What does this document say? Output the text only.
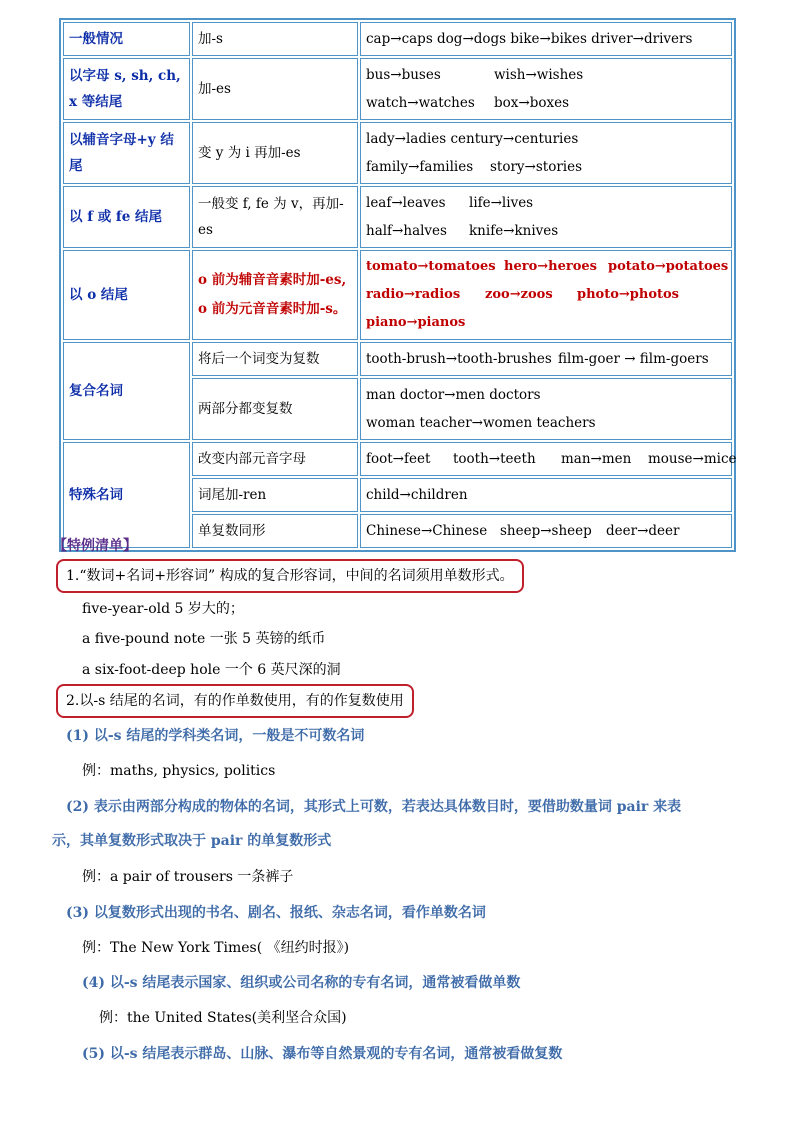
一般情况	加-s	cap→caps dog→dogs bike→bikes driver→drivers

以字母 s, sh, ch, x 等结尾	加-es	bus→buses wish→wishes
watch→watches box→boxes

以辅音字母+y 结尾	变 y 为 i 再加-es	lady→ladies century→centuries
family→families story→stories

以 f 或 fe 结尾	一般变 f, fe 为 v，再加-es	leaf→leaves life→lives
half→halves knife→knives

以 o 结尾	o 前为辅音音素时加-es, o 前为元音音素时加-s。	tomato→tomatoes hero→heroes potato→potatoes
radio→radios zoo→zoos photo→photos
piano→pianos

复合名词	将后一个词变为复数	tooth-brush→tooth-brushes film-goer → film-goers

	两部分都变复数	man doctor→men doctors
woman teacher→women teachers

特殊名词	改变内部元音字母	foot→feet tooth→teeth man→men mouse→mice

	词尾加-ren	child→children

	单复数同形	Chinese→Chinese sheep→sheep deer→deer
【特例清单】
1.“数词+名词+形容词” 构成的复合形容词，中间的名词须用单数形式。
five-year-old 5 岁大的；
a five-pound note 一张 5 英镑的纸币
a six-foot-deep hole 一个 6 英尺深的洞
2.以-s 结尾的名词，有的作单数使用，有的作复数使用
(1) 以-s 结尾的学科类名词，一般是不可数名词
例：maths, physics, politics
(2) 表示由两部分构成的物体的名词，其形式上可数，若表达具体数目时，要借助数量词 pair 来表
示，其单复数形式取决于 pair 的单复数形式
例：a pair of trousers 一条裤子
(3) 以复数形式出现的书名、剧名、报纸、杂志名词，看作单数名词
例：The New York Times( 《纽约时报》)
(4) 以-s 结尾表示国家、组织或公司名称的专有名词，通常被看做单数
例：the United States(美利坚合众国)
(5) 以-s 结尾表示群岛、山脉、瀑布等自然景观的专有名词，通常被看做复数
